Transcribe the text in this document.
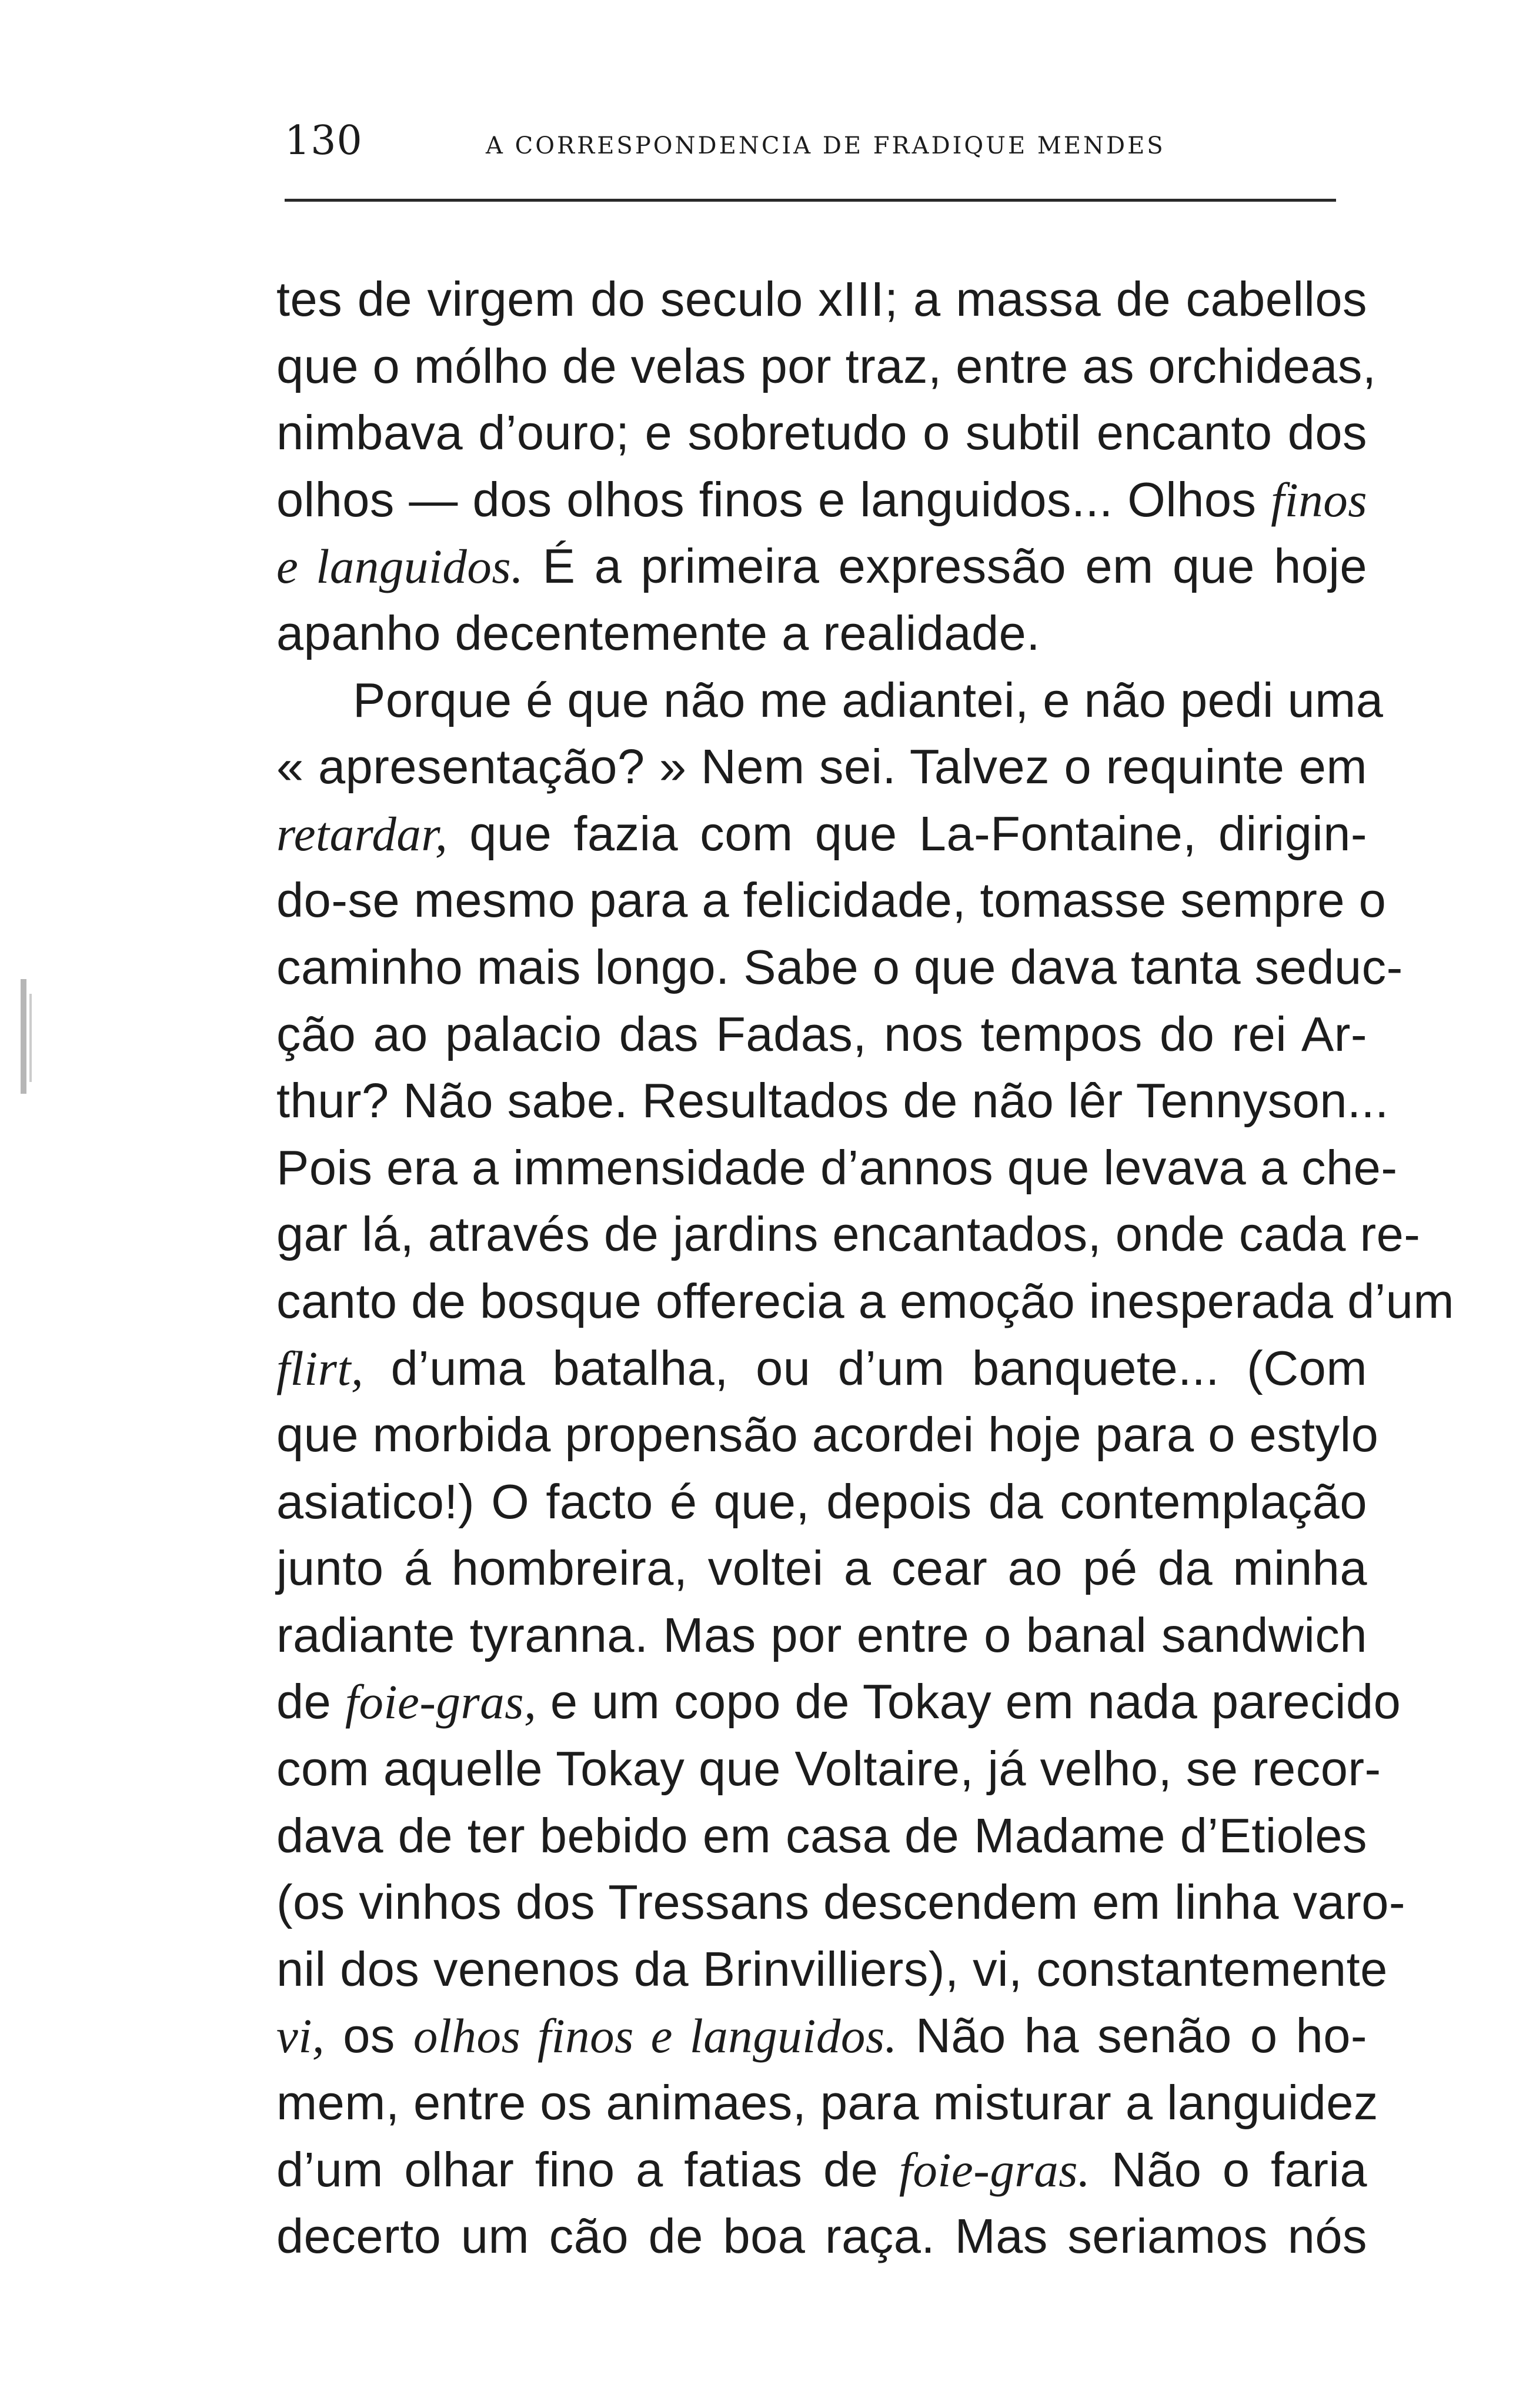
130	A CORRESPONDENCIA DE FRADIQUE MENDES
tes de virgem do seculo xIII; a massa de cabellos
que o mólho de velas por traz, entre as orchideas,
nimbava d’ouro; e sobretudo o subtil encanto dos
olhos — dos olhos finos e languidos... Olhos finos
e languidos. É a primeira expressão em que hoje
apanho decentemente a realidade.
Porque é que não me adiantei, e não pedi uma
« apresentação? » Nem sei. Talvez o requinte em
retardar, que fazia com que La-Fontaine, dirigin-
do-se mesmo para a felicidade, tomasse sempre o
caminho mais longo. Sabe o que dava tanta seduc-
ção ao palacio das Fadas, nos tempos do rei Ar-
thur? Não sabe. Resultados de não lêr Tennyson...
Pois era a immensidade d’annos que levava a che-
gar lá, através de jardins encantados, onde cada re-
canto de bosque offerecia a emoção inesperada d’um
flirt, d’uma batalha, ou d’um banquete... (Com
que morbida propensão acordei hoje para o estylo
asiatico!) O facto é que, depois da contemplação
junto á hombreira, voltei a cear ao pé da minha
radiante tyranna. Mas por entre o banal sandwich
de foie-gras, e um copo de Tokay em nada parecido
com aquelle Tokay que Voltaire, já velho, se recor-
dava de ter bebido em casa de Madame d’Etioles
(os vinhos dos Tressans descendem em linha varo-
nil dos venenos da Brinvilliers), vi, constantemente
vi, os olhos finos e languidos. Não ha senão o ho-
mem, entre os animaes, para misturar a languidez
d’um olhar fino a fatias de foie-gras. Não o faria
decerto um cão de boa raça. Mas seriamos nós
